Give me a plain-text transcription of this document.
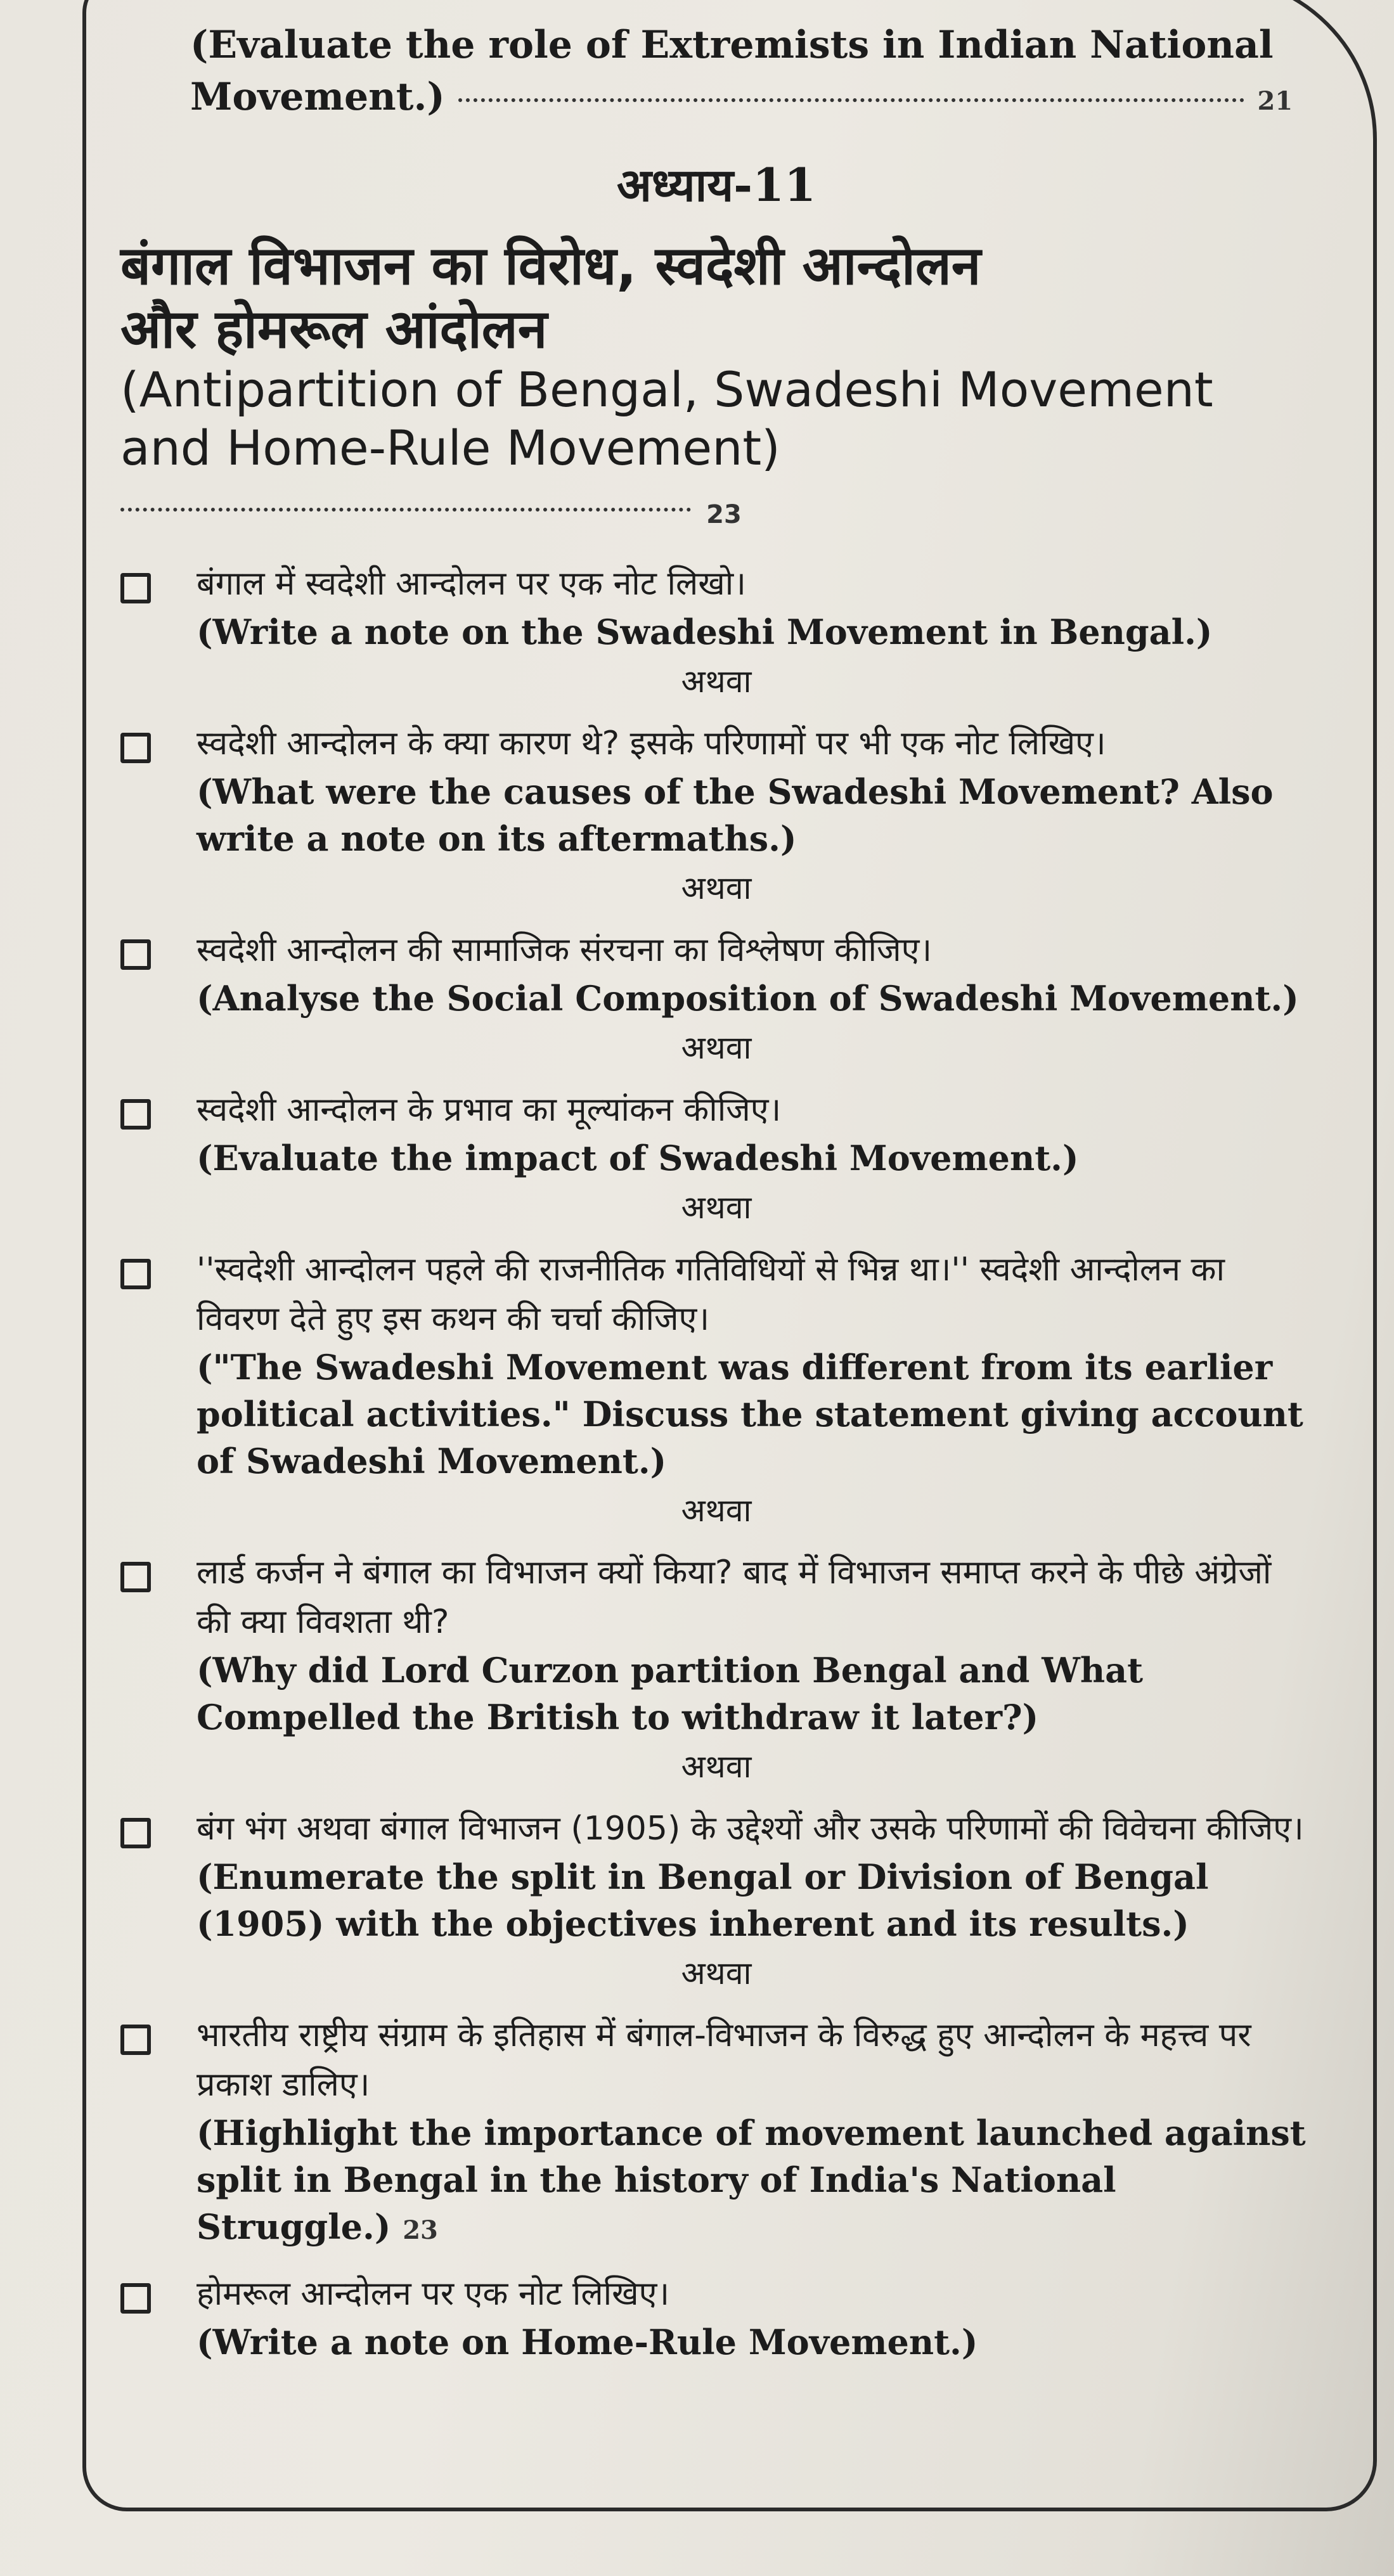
(Evaluate the role of Extremists in Indian National
Movement.)	21
अध्याय-11
बंगाल विभाजन का विरोध, स्वदेशी आन्दोलन
और होमरूल आंदोलन
(Antipartition of Bengal, Swadeshi Movement
and Home-Rule Movement)  23
बंगाल में स्वदेशी आन्दोलन पर एक नोट लिखो।
(Write a note on the Swadeshi Movement in Bengal.)
अथवा
स्वदेशी आन्दोलन के क्या कारण थे? इसके परिणामों पर भी एक नोट लिखिए।
(What were the causes of the Swadeshi Movement? Also write a note on its aftermaths.)
अथवा
स्वदेशी आन्दोलन की सामाजिक संरचना का विश्लेषण कीजिए।
(Analyse the Social Composition of Swadeshi Movement.)
अथवा
स्वदेशी आन्दोलन के प्रभाव का मूल्यांकन कीजिए।
(Evaluate the impact of Swadeshi Movement.)
अथवा
''स्वदेशी आन्दोलन पहले की राजनीतिक गतिविधियों से भिन्न था।'' स्वदेशी आन्दोलन का विवरण देते हुए इस कथन की चर्चा कीजिए।
("The Swadeshi Movement was different from its earlier political activities." Discuss the statement giving account of Swadeshi Movement.)
अथवा
लार्ड कर्जन ने बंगाल का विभाजन क्यों किया? बाद में विभाजन समाप्त करने के पीछे अंग्रेजों की क्या विवशता थी?
(Why did Lord Curzon partition Bengal and What Compelled the British to withdraw it later?)
अथवा
बंग भंग अथवा बंगाल विभाजन (1905) के उद्देश्यों और उसके परिणामों की विवेचना कीजिए।
(Enumerate the split in Bengal or Division of Bengal (1905) with the objectives inherent and its results.)
अथवा
भारतीय राष्ट्रीय संग्राम के इतिहास में बंगाल-विभाजन के विरुद्ध हुए आन्दोलन के महत्त्व पर प्रकाश डालिए।
(Highlight the importance of movement launched against split in Bengal in the history of India's National Struggle.) 23
होमरूल आन्दोलन पर एक नोट लिखिए।
(Write a note on Home-Rule Movement.)
